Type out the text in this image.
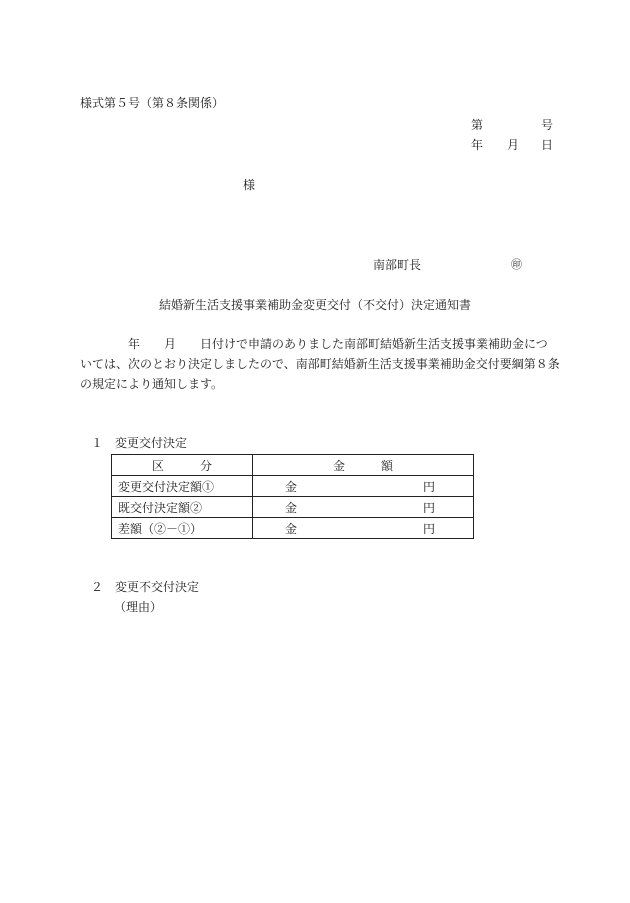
様式第５号（第８条関係）
第	号
年 月 日
様
南部町長	㊞
結婚新生活支援事業補助金変更交付（不交付）決定通知書
　　　　年　　月　　日付けで申請のありました南部町結婚新生活支援事業補助金につ
いては、次のとおり決定しましたので、南部町結婚新生活支援事業補助金交付要綱第８条
の規定により通知します。
１　変更交付決定
区　　　分	金　　　額
変更交付決定額①	金 円

既交付決定額②	金 円

差額（②－①）	金 円
２　変更不交付決定
（理由）
